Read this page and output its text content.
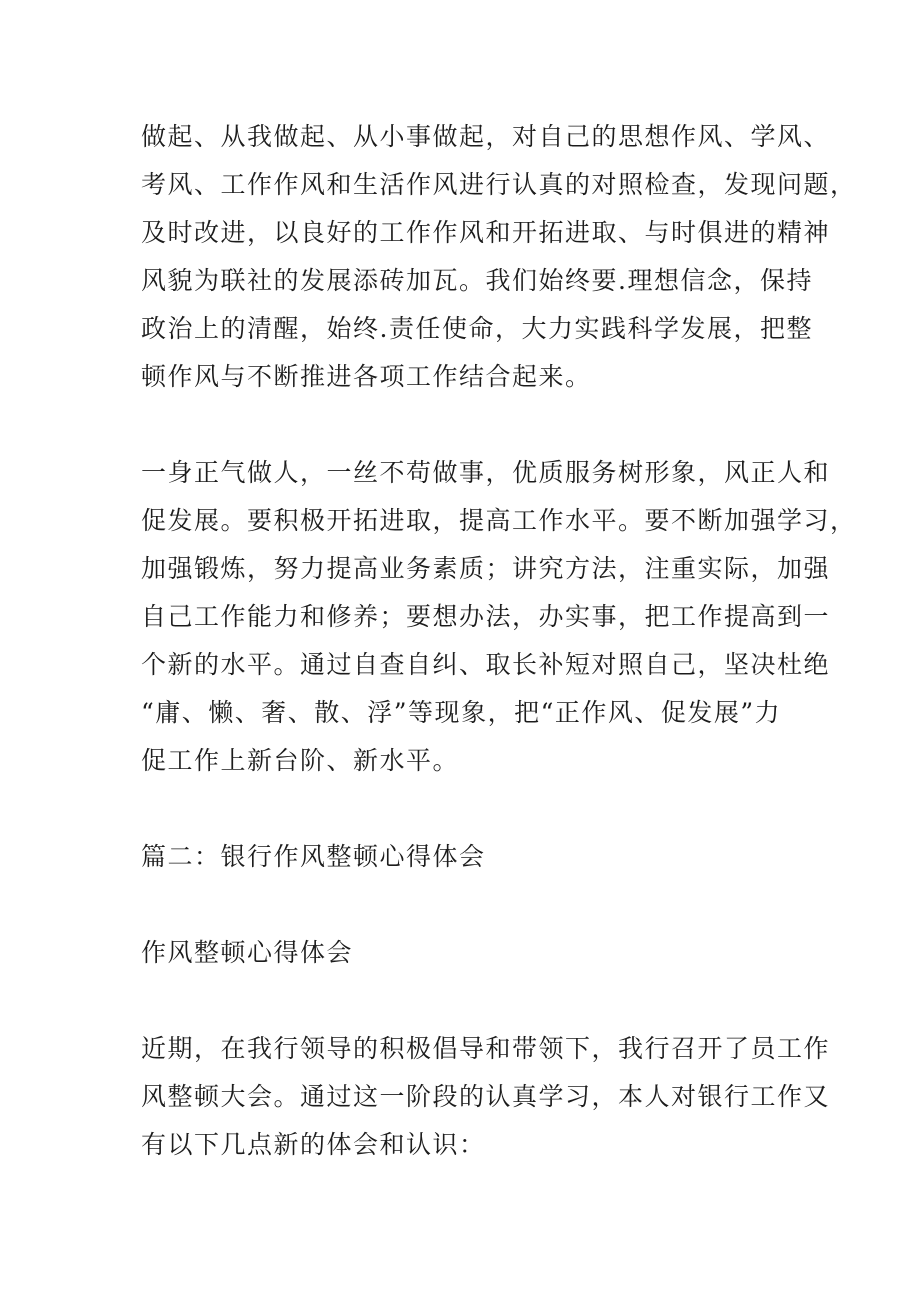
做起、从我做起、从小事做起，对自己的思想作风、学风、
考风、工作作风和生活作风进行认真的对照检查，发现问题，
及时改进，以良好的工作作风和开拓进取、与时俱进的精神
风貌为联社的发展添砖加瓦。我们始终要.理想信念，保持
政治上的清醒，始终.责任使命，大力实践科学发展，把整
顿作风与不断推进各项工作结合起来。
一身正气做人，一丝不苟做事，优质服务树形象，风正人和
促发展。要积极开拓进取，提高工作水平。要不断加强学习，
加强锻炼，努力提高业务素质；讲究方法，注重实际，加强
自己工作能力和修养；要想办法，办实事，把工作提高到一
个新的水平。通过自查自纠、取长补短对照自己，坚决杜绝
“庸、懒、奢、散、浮”等现象，把“正作风、促发展”力
促工作上新台阶、新水平。
篇二：银行作风整顿心得体会
作风整顿心得体会
近期，在我行领导的积极倡导和带领下，我行召开了员工作
风整顿大会。通过这一阶段的认真学习，本人对银行工作又
有以下几点新的体会和认识：
